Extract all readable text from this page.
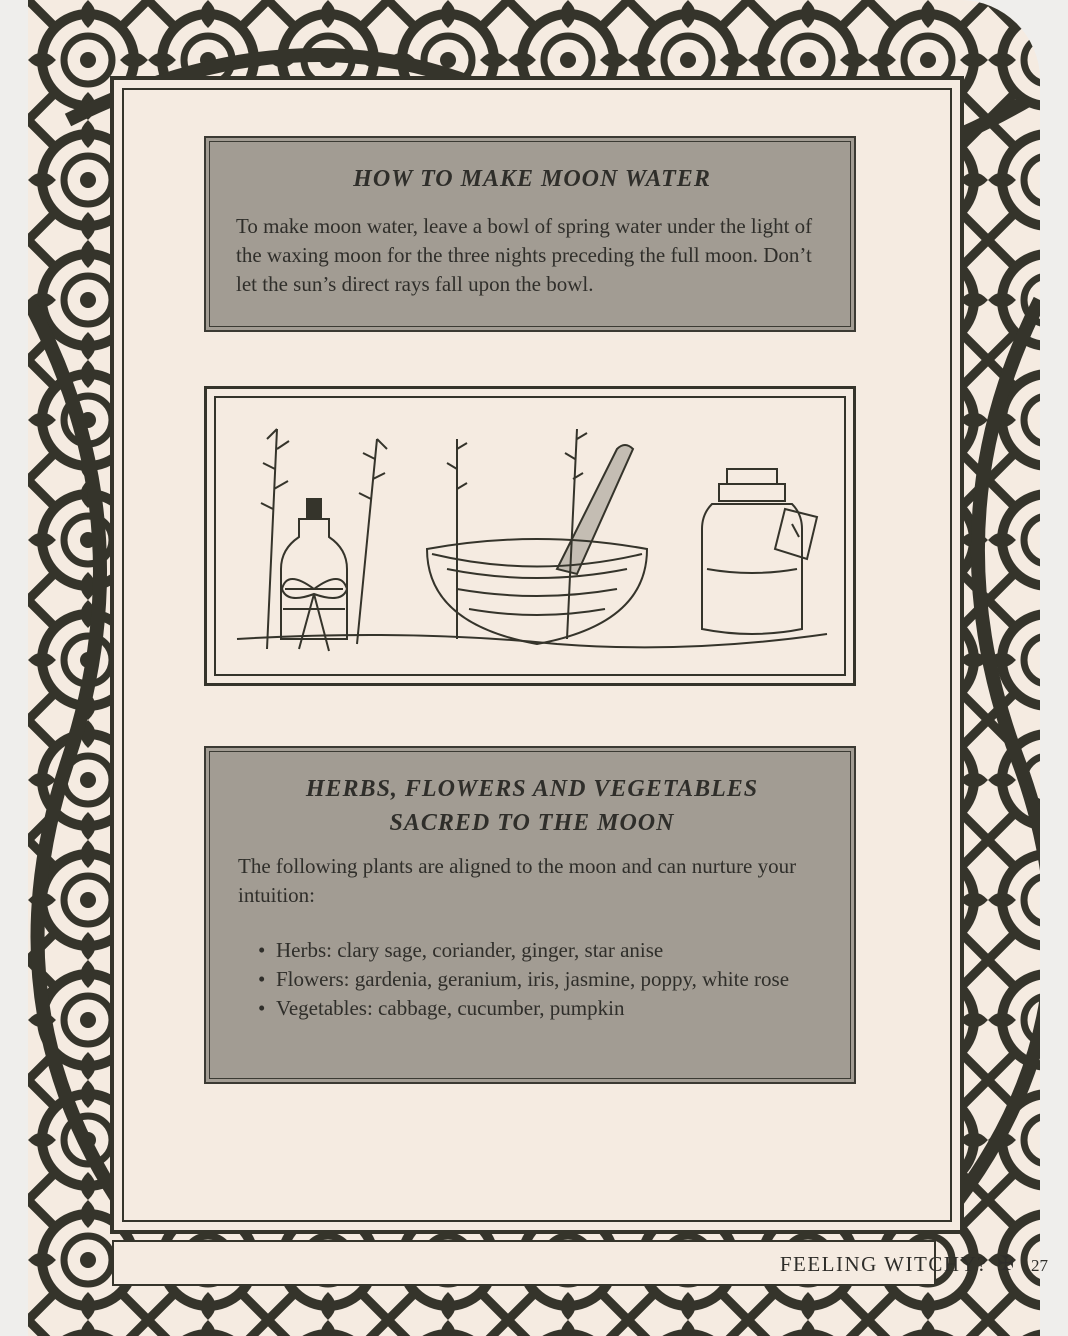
HOW TO MAKE MOON WATER

To make moon water, leave a bowl of spring water under the light of the waxing moon for the three nights preceding the full moon. Don’t let the sun’s direct rays fall upon the bowl.

HERBS, FLOWERS AND VEGETABLES
SACRED TO THE MOON

The following plants are aligned to the moon and can nurture your intuition:

• Herbs: clary sage, coriander, ginger, star anise
• Flowers: gardenia, geranium, iris, jasmine, poppy, white rose
• Vegetables: cabbage, cucumber, pumpkin
FEELING WITCHY? ✠ 27
